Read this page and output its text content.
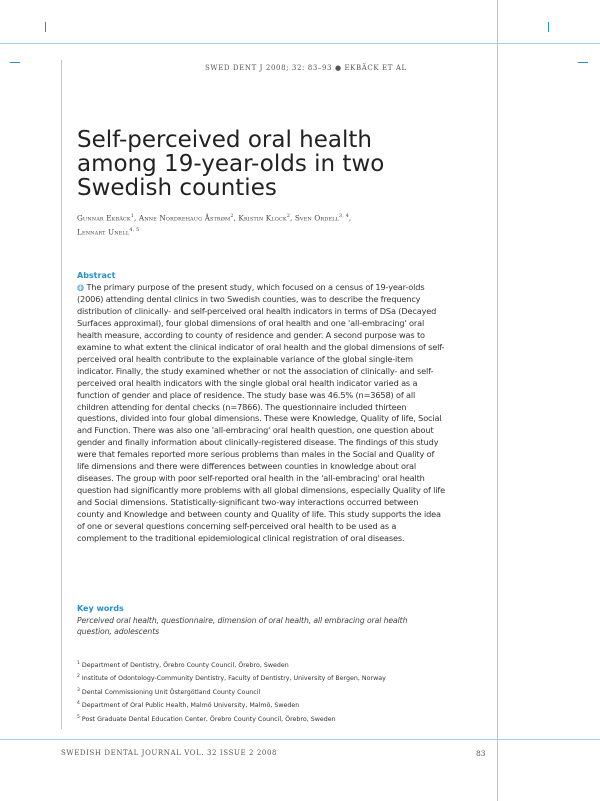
SWED DENT J 2008; 32: 83–93 ● EKBÄCK ET AL
Self-perceived oral health among 19-year-olds in two Swedish counties
Gunnar Ekbäck$^1$, Anne Nordrehaug Åstrøm$^2$, Kristin Klock$^2$, Sven Ordell$^{3, 4}$,
Lennart Unell$^{4, 5}$
Abstract

◍ The primary purpose of the present study, which focused on a census of 19-year-olds (2006) attending dental clinics in two Swedish counties, was to describe the frequency distribution of clinically- and self-perceived oral health indicators in terms of DSa (Decayed Surfaces approximal), four global dimensions of oral health and one 'all-embracing' oral health measure, according to county of residence and gender. A second purpose was to examine to what extent the clinical indicator of oral health and the global dimensions of self-perceived oral health contribute to the explainable variance of the global single-item indicator. Finally, the study examined whether or not the association of clinically- and self-perceived oral health indicators with the single global oral health indicator varied as a function of gender and place of residence. The study base was 46.5% (n=3658) of all children attending for dental checks (n=7866). The questionnaire included thirteen questions, divided into four global dimensions. These were Knowledge, Quality of life, Social and Function. There was also one 'all-embracing' oral health question, one question about gender and finally information about clinically-registered disease. The findings of this study were that females reported more serious problems than males in the Social and Quality of life dimensions and there were differences between counties in knowledge about oral diseases. The group with poor self-reported oral health in the 'all-embracing' oral health question had significantly more problems with all global dimensions, especially Quality of life and Social dimensions. Statistically-significant two-way interactions occurred between county and Knowledge and between county and Quality of life. This study supports the idea of one or several questions concerning self-perceived oral health to be used as a complement to the traditional epidemiological clinical registration of oral diseases.

Key words

Perceived oral health, questionnaire, dimension of oral health, all embracing oral health question, adolescents

$^1$ Department of Dentistry, Örebro County Council, Örebro, Sweden
$^2$ Institute of Odontology-Community Dentistry, Faculty of Dentistry, University of Bergen, Norway
$^3$ Dental Commissioning Unit Östergötland County Council
$^4$ Department of Oral Public Health, Malmö University, Malmö, Sweden
$^5$ Post Graduate Dental Education Center, Örebro County Council, Örebro, Sweden
SWEDISH DENTAL JOURNAL VOL. 32 ISSUE 2 2008	83
